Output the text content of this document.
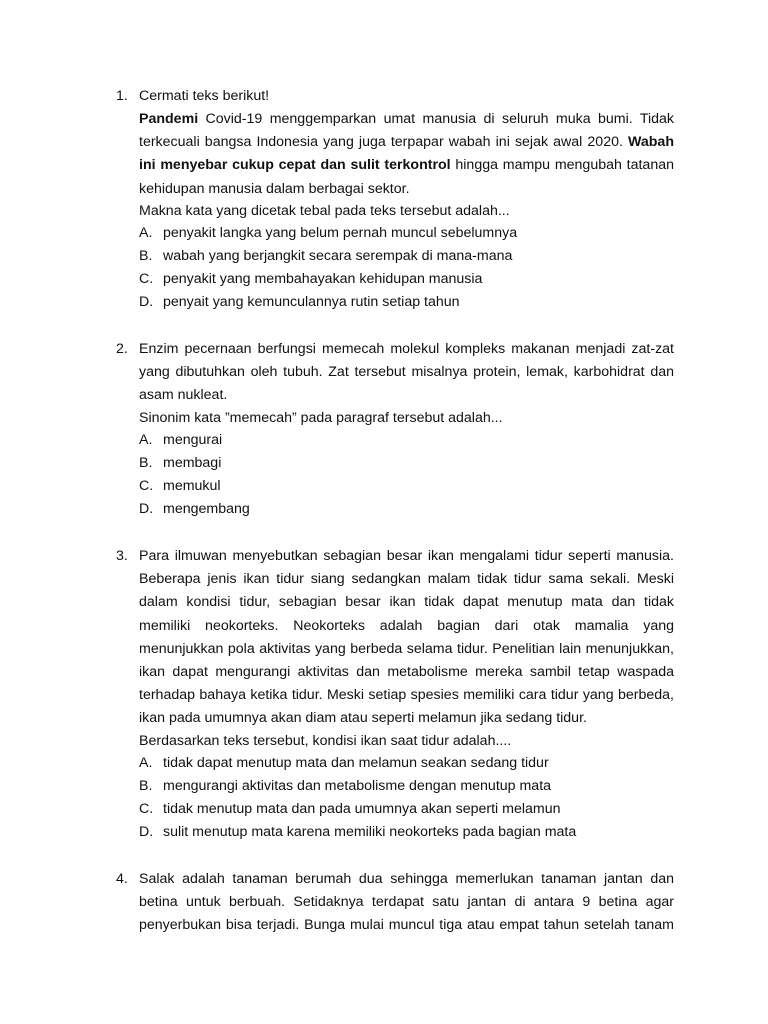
1. Cermati teks berikut!
Pandemi Covid-19 menggemparkan umat manusia di seluruh muka bumi. Tidak terkecuali bangsa Indonesia yang juga terpapar wabah ini sejak awal 2020. Wabah ini menyebar cukup cepat dan sulit terkontrol hingga mampu mengubah tatanan kehidupan manusia dalam berbagai sektor.
Makna kata yang dicetak tebal pada teks tersebut adalah...
A. penyakit langka yang belum pernah muncul sebelumnya
B. wabah yang berjangkit secara serempak di mana-mana
C. penyakit yang membahayakan kehidupan manusia
D. penyait yang kemunculannya rutin setiap tahun
2. Enzim pecernaan berfungsi memecah molekul kompleks makanan menjadi zat-zat yang dibutuhkan oleh tubuh. Zat tersebut misalnya protein, lemak, karbohidrat dan asam nukleat.
Sinonim kata ”memecah” pada paragraf tersebut adalah...
A. mengurai
B. membagi
C. memukul
D. mengembang
3. Para ilmuwan menyebutkan sebagian besar ikan mengalami tidur seperti manusia. Beberapa jenis ikan tidur siang sedangkan malam tidak tidur sama sekali. Meski dalam kondisi tidur, sebagian besar ikan tidak dapat menutup mata dan tidak memiliki neokorteks. Neokorteks adalah bagian dari otak mamalia yang menunjukkan pola aktivitas yang berbeda selama tidur. Penelitian lain menunjukkan, ikan dapat mengurangi aktivitas dan metabolisme mereka sambil tetap waspada terhadap bahaya ketika tidur. Meski setiap spesies memiliki cara tidur yang berbeda, ikan pada umumnya akan diam atau seperti melamun jika sedang tidur.
Berdasarkan teks tersebut, kondisi ikan saat tidur adalah....
A. tidak dapat menutup mata dan melamun seakan sedang tidur
B. mengurangi aktivitas dan metabolisme dengan menutup mata
C. tidak menutup mata dan pada umumnya akan seperti melamun
D. sulit menutup mata karena memiliki neokorteks pada bagian mata
4. Salak adalah tanaman berumah dua sehingga memerlukan tanaman jantan dan betina untuk berbuah. Setidaknya terdapat satu jantan di antara 9 betina agar penyerbukan bisa terjadi. Bunga mulai muncul tiga atau empat tahun setelah tanam
